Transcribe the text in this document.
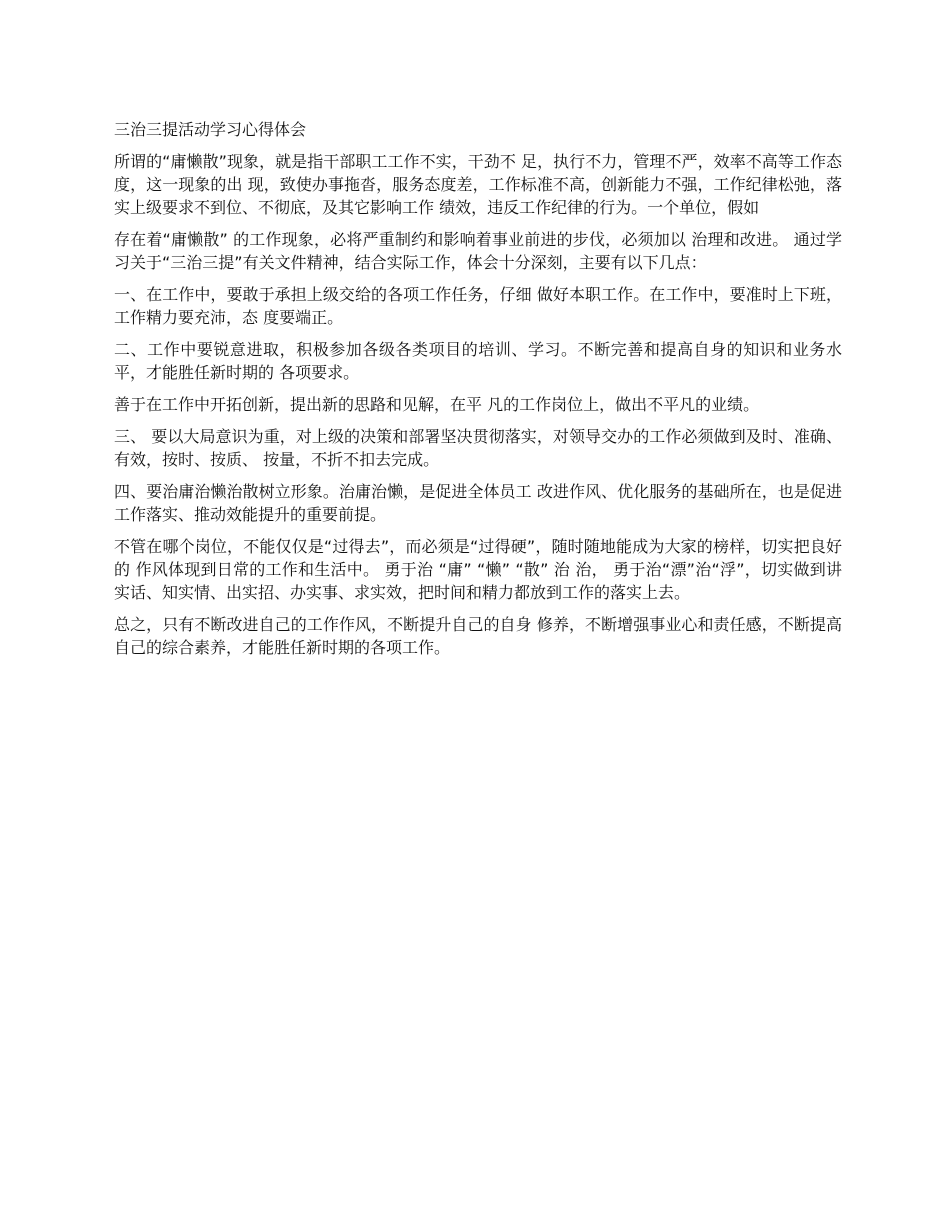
三治三提活动学习心得体会

所谓的“庸懒散”现象，就是指干部职工工作不实，干劲不 足，执行不力，管理不严，效率不高等工作态度，这一现象的出 现，致使办事拖沓，服务态度差，工作标准不高，创新能力不强，工作纪律松弛，落实上级要求不到位、不彻底，及其它影响工作 绩效，违反工作纪律的行为。一个单位，假如

存在着“庸懒散” 的工作现象，必将严重制约和影响着事业前进的步伐，必须加以 治理和改进。 通过学习关于“三治三提”有关文件精神，结合实际工作，体会十分深刻，主要有以下几点：

一、在工作中，要敢于承担上级交给的各项工作任务，仔细 做好本职工作。在工作中，要准时上下班，工作精力要充沛，态 度要端正。

二、工作中要锐意进取，积极参加各级各类项目的培训、学习。不断完善和提高自身的知识和业务水平，才能胜任新时期的 各项要求。

善于在工作中开拓创新，提出新的思路和见解，在平 凡的工作岗位上，做出不平凡的业绩。

三、 要以大局意识为重，对上级的决策和部署坚决贯彻落实，对领导交办的工作必须做到及时、准确、有效，按时、按质、 按量，不折不扣去完成。

四、要治庸治懒治散树立形象。治庸治懒，是促进全体员工 改进作风、优化服务的基础所在，也是促进工作落实、推动效能提升的重要前提。

不管在哪个岗位，不能仅仅是“过得去”，而必须是“过得硬”，随时随地能成为大家的榜样，切实把良好的 作风体现到日常的工作和生活中。 勇于治 “庸” “懒” “散” 治 治， 勇于治“漂”治“浮”，切实做到讲实话、知实情、出实招、办实事、求实效，把时间和精力都放到工作的落实上去。

总之，只有不断改进自己的工作作风，不断提升自己的自身 修养，不断增强事业心和责任感，不断提高自己的综合素养，才能胜任新时期的各项工作。
